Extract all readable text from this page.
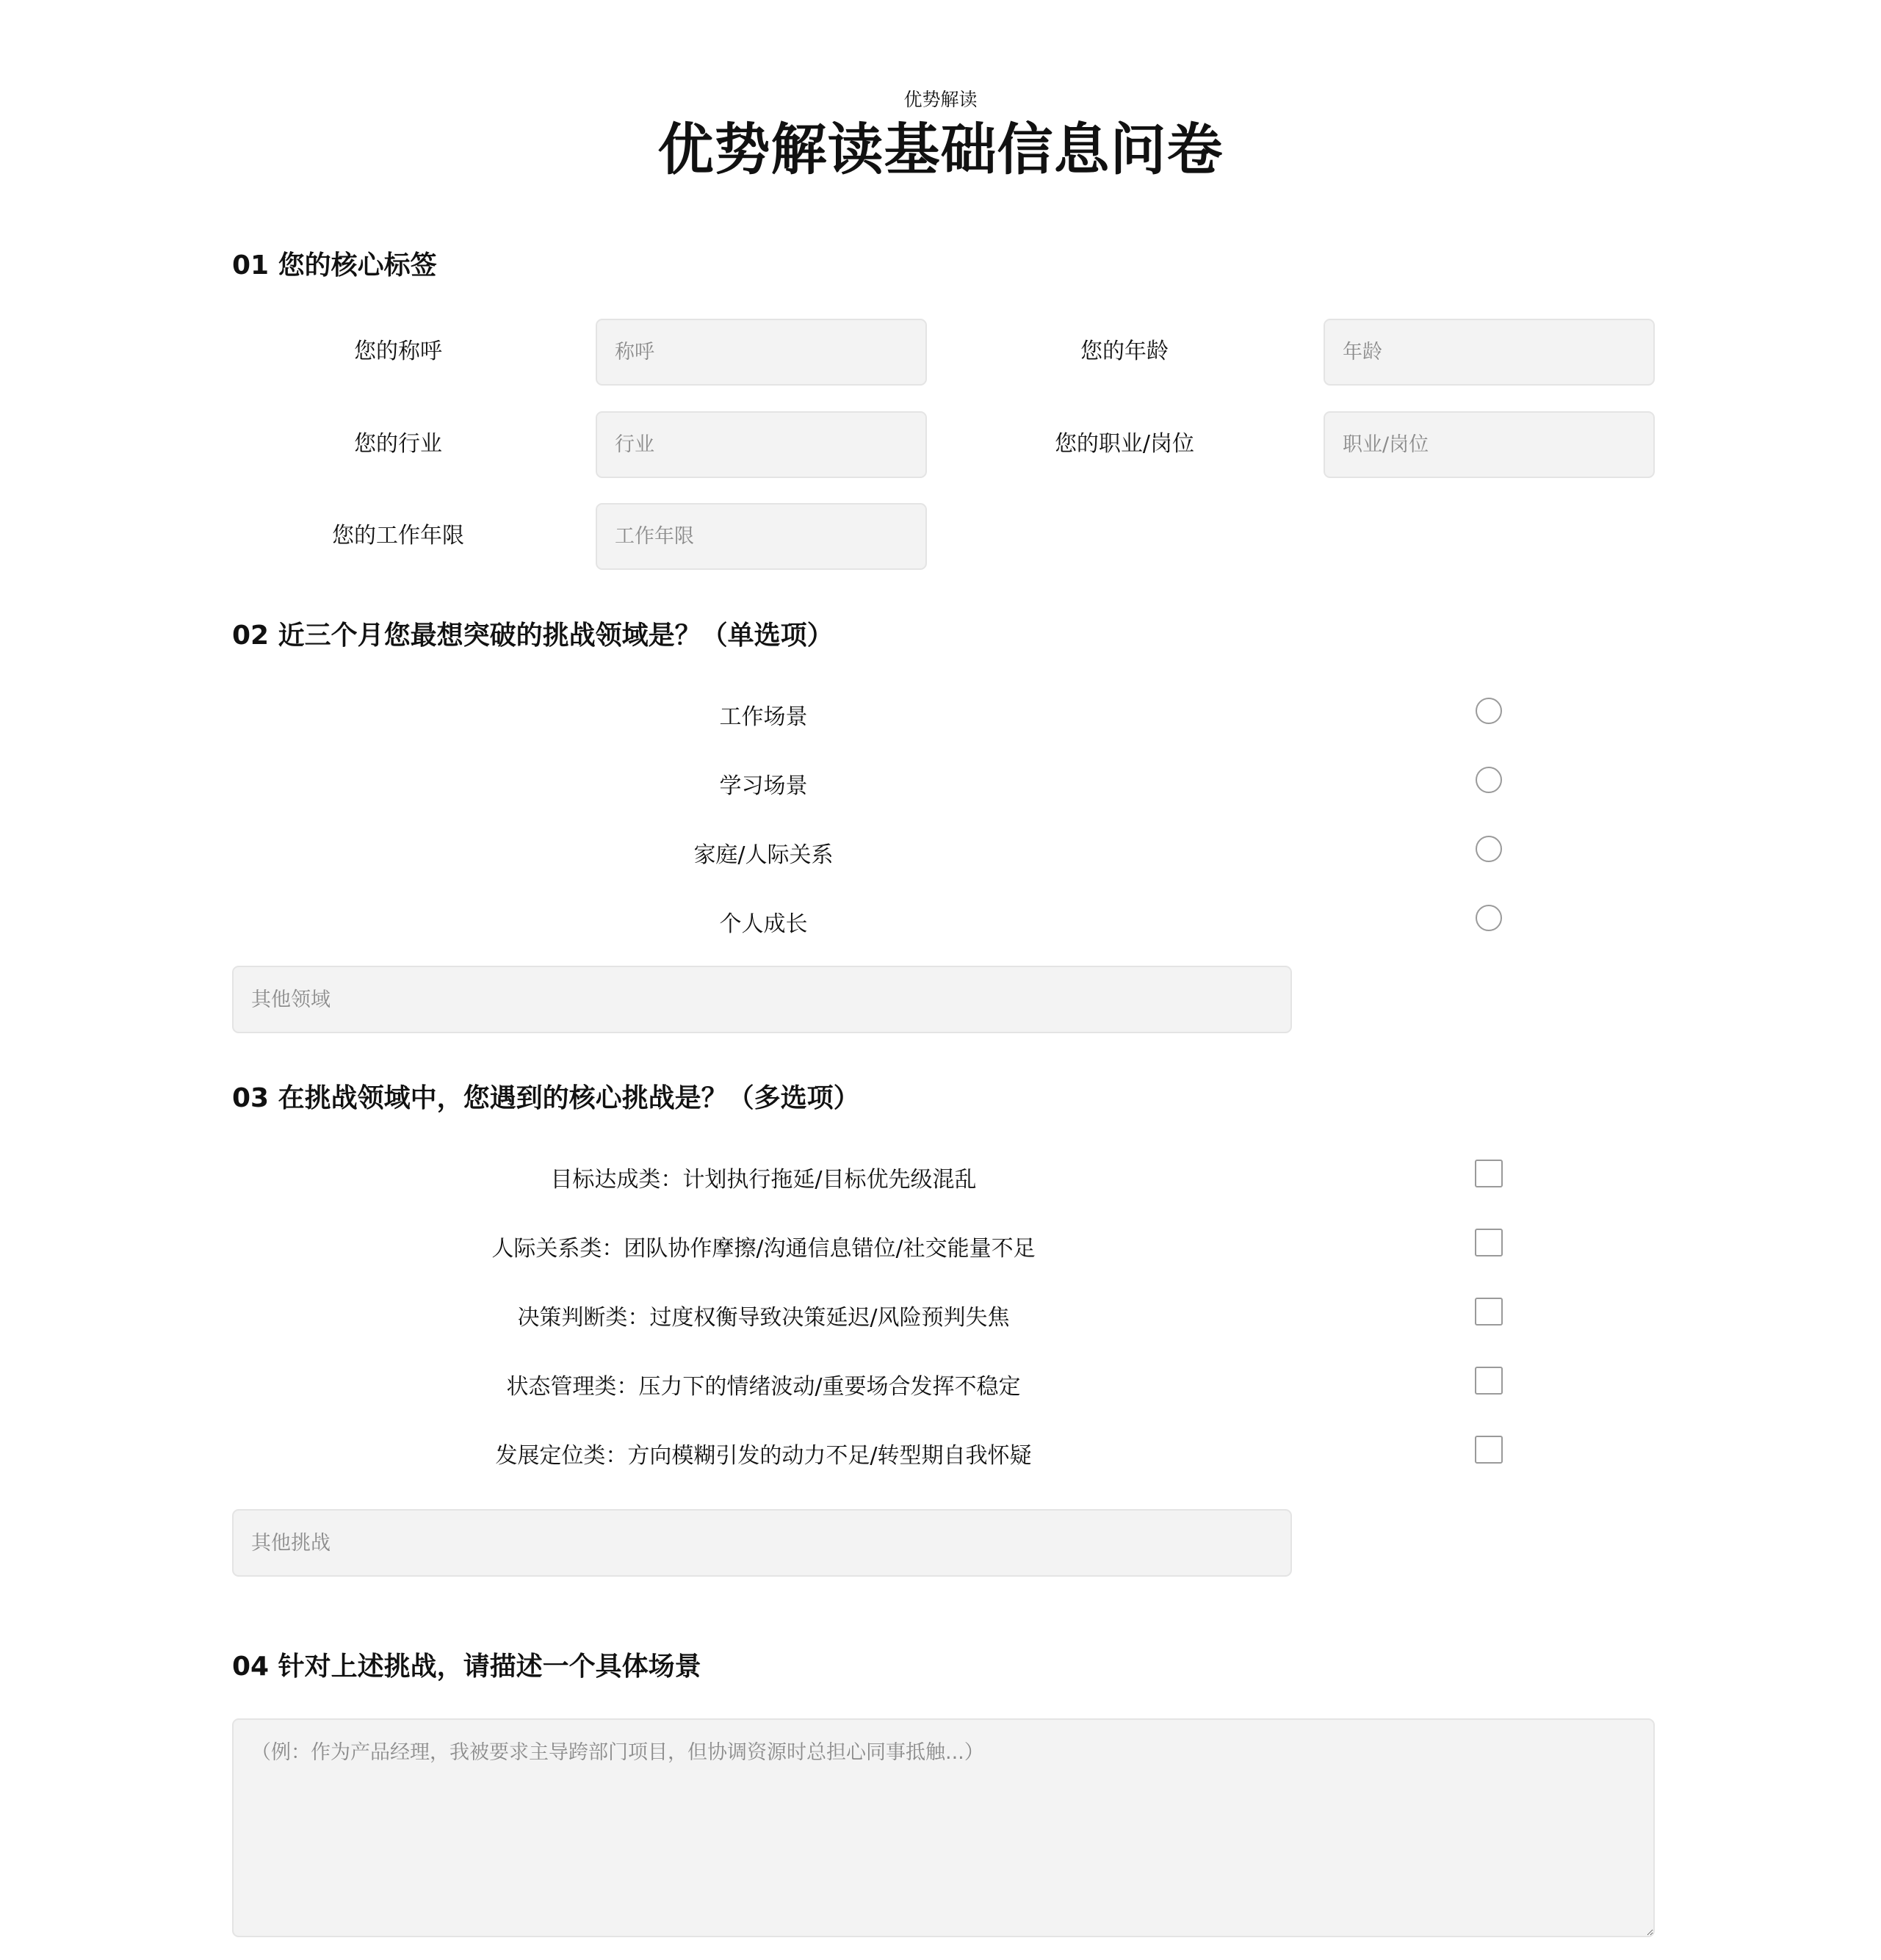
优势解读
优势解读基础信息问卷
01 您的核心标签
您的称呼
称呼	您的年龄
年龄
您的行业
行业	您的职业/岗位
职业/岗位
您的工作年限
工作年限
02 近三个月您最想突破的挑战领域是？（单选项）
工作场景
学习场景
家庭/人际关系
个人成长
其他领域
03 在挑战领域中，您遇到的核心挑战是？（多选项）
目标达成类：计划执行拖延/目标优先级混乱
人际关系类：团队协作摩擦/沟通信息错位/社交能量不足
决策判断类：过度权衡导致决策延迟/风险预判失焦
状态管理类：压力下的情绪波动/重要场合发挥不稳定
发展定位类：方向模糊引发的动力不足/转型期自我怀疑
其他挑战
04 针对上述挑战，请描述一个具体场景
（例：作为产品经理，我被要求主导跨部门项目，但协调资源时总担心同事抵触...）
